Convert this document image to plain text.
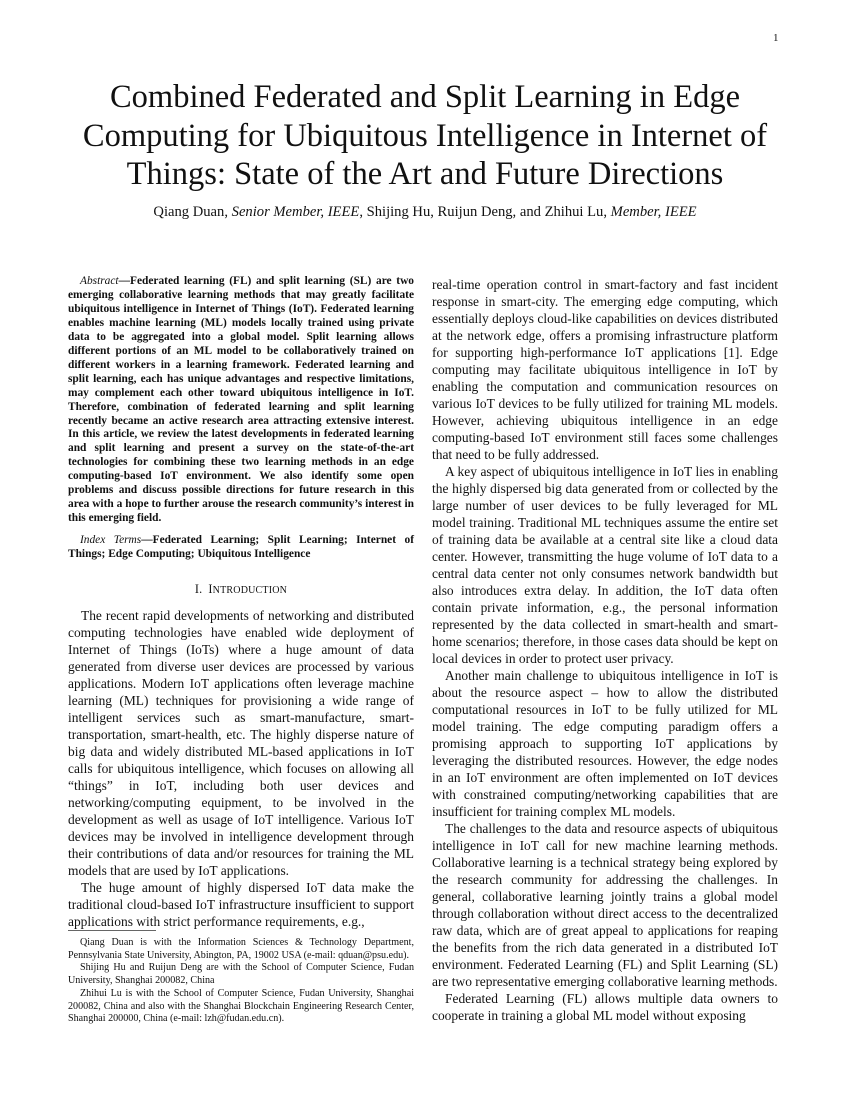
1
Combined Federated and Split Learning in Edge Computing for Ubiquitous Intelligence in Internet of Things: State of the Art and Future Directions
Qiang Duan, Senior Member, IEEE, Shijing Hu, Ruijun Deng, and Zhihui Lu, Member, IEEE

Abstract—Federated learning (FL) and split learning (SL) are two emerging collaborative learning methods that may greatly facilitate ubiquitous intelligence in Internet of Things (IoT). Federated learning enables machine learning (ML) models locally trained using private data to be aggregated into a global model. Split learning allows different portions of an ML model to be collaboratively trained on different workers in a learning framework. Federated learning and split learning, each has unique advantages and respective limitations, may complement each other toward ubiquitous intelligence in IoT. Therefore, combination of federated learning and split learning recently became an active research area attracting extensive interest. In this article, we review the latest developments in federated learning and split learning and present a survey on the state-of-the-art technologies for combining these two learning methods in an edge computing-based IoT environment. We also identify some open problems and discuss possible directions for future research in this area with a hope to further arouse the research community’s interest in this emerging field.

Index Terms—Federated Learning; Split Learning; Internet of Things; Edge Computing; Ubiquitous Intelligence

I. INTRODUCTION

The recent rapid developments of networking and distributed computing technologies have enabled wide deployment of Internet of Things (IoTs) where a huge amount of data generated from diverse user devices are processed by various applications. Modern IoT applications often leverage machine learning (ML) techniques for provisioning a wide range of intelligent services such as smart-manufacture, smart-transportation, smart-health, etc. The highly disperse nature of big data and widely distributed ML-based applications in IoT calls for ubiquitous intelligence, which focuses on allowing all “things” in IoT, including both user devices and networking/computing equipment, to be involved in the development as well as usage of IoT intelligence. Various IoT devices may be involved in intelligence development through their contributions of data and/or resources for training the ML models that are used by IoT applications.

The huge amount of highly dispersed IoT data make the traditional cloud-based IoT infrastructure insufficient to support applications with strict performance requirements, e.g.,

Qiang Duan is with the Information Sciences & Technology Department, Pennsylvania State University, Abington, PA, 19002 USA (e-mail: qduan@psu.edu).

Shijing Hu and Ruijun Deng are with the School of Computer Science, Fudan University, Shanghai 200082, China

Zhihui Lu is with the School of Computer Science, Fudan University, Shanghai 200082, China and also with the Shanghai Blockchain Engineering Research Center, Shanghai 200000, China (e-mail: lzh@fudan.edu.cn).

real-time operation control in smart-factory and fast incident response in smart-city. The emerging edge computing, which essentially deploys cloud-like capabilities on devices distributed at the network edge, offers a promising infrastructure platform for supporting high-performance IoT applications [1]. Edge computing may facilitate ubiquitous intelligence in IoT by enabling the computation and communication resources on various IoT devices to be fully utilized for training ML models. However, achieving ubiquitous intelligence in an edge computing-based IoT environment still faces some challenges that need to be fully addressed.

A key aspect of ubiquitous intelligence in IoT lies in enabling the highly dispersed big data generated from or collected by the large number of user devices to be fully leveraged for ML model training. Traditional ML techniques assume the entire set of training data be available at a central site like a cloud data center. However, transmitting the huge volume of IoT data to a central data center not only consumes network bandwidth but also introduces extra delay. In addition, the IoT data often contain private information, e.g., the personal information represented by the data collected in smart-health and smart-home scenarios; therefore, in those cases data should be kept on local devices in order to protect user privacy.

Another main challenge to ubiquitous intelligence in IoT is about the resource aspect – how to allow the distributed computational resources in IoT to be fully utilized for ML model training. The edge computing paradigm offers a promising approach to supporting IoT applications by leveraging the distributed resources. However, the edge nodes in an IoT environment are often implemented on IoT devices with constrained computing/networking capabilities that are insufficient for training complex ML models.

The challenges to the data and resource aspects of ubiquitous intelligence in IoT call for new machine learning methods. Collaborative learning is a technical strategy being explored by the research community for addressing the challenges. In general, collaborative learning jointly trains a global model through collaboration without direct access to the decentralized raw data, which are of great appeal to applications for reaping the benefits from the rich data generated in a distributed IoT environment. Federated Learning (FL) and Split Learning (SL) are two representative emerging collaborative learning methods.

Federated Learning (FL) allows multiple data owners to cooperate in training a global ML model without exposing
